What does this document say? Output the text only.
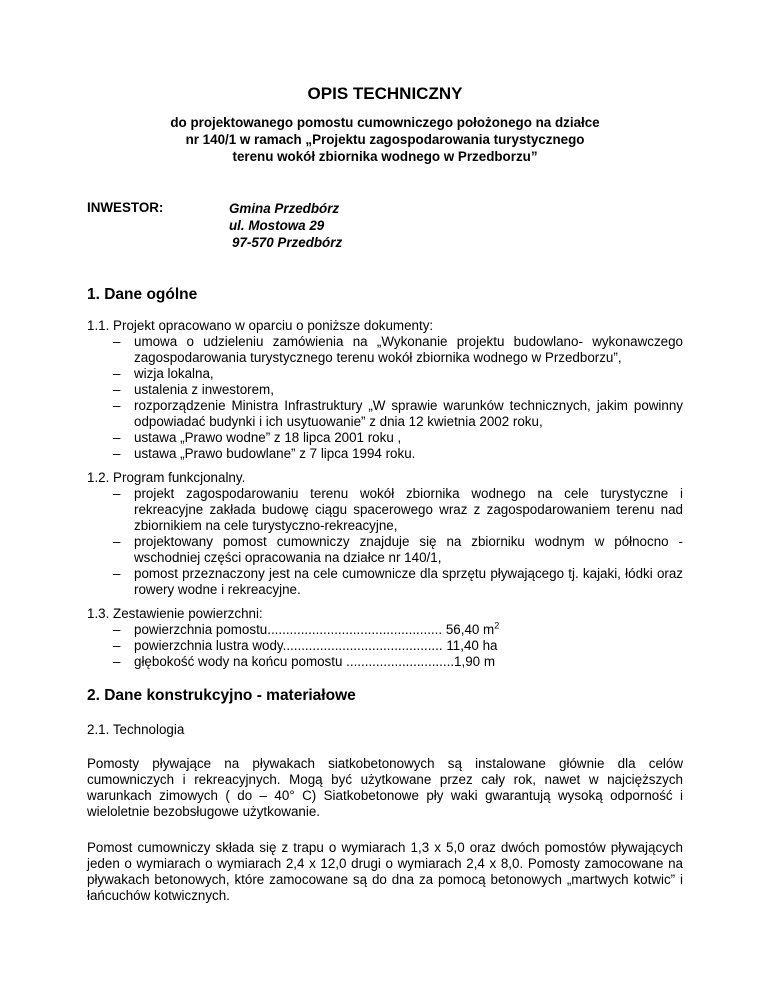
OPIS TECHNICZNY
do projektowanego pomostu cumowniczego położonego na działce
nr 140/1 w ramach „Projektu zagospodarowania turystycznego
terenu wokół zbiornika wodnego w Przedborzu”
INWESTOR:	Gmina Przedbórz
ul. Mostowa 29
97-570 Przedbórz
1. Dane ogólne
1.1. Projekt opracowano w oparciu o poniższe dokumenty:
– umowa o udzieleniu zamówienia na „Wykonanie projektu budowlano- wykonawczego zagospodarowania turystycznego terenu wokół zbiornika wodnego w Przedborzu”,
– wizja lokalna,
– ustalenia z inwestorem,
– rozporządzenie Ministra Infrastruktury „W sprawie warunków technicznych, jakim powinny odpowiadać budynki i ich usytuowanie” z dnia 12 kwietnia 2002 roku,
– ustawa „Prawo wodne” z 18 lipca 2001 roku ,
– ustawa „Prawo budowlane” z 7 lipca 1994 roku.
1.2. Program funkcjonalny.
– projekt zagospodarowaniu terenu wokół zbiornika wodnego na cele turystyczne i rekreacyjne zakłada budowę ciągu spacerowego wraz z zagospodarowaniem terenu nad zbiornikiem na cele turystyczno-rekreacyjne,
– projektowany pomost cumowniczy znajduje się na zbiorniku wodnym w północno - wschodniej części opracowania na działce nr 140/1,
– pomost przeznaczony jest na cele cumownicze dla sprzętu pływającego tj. kajaki, łódki oraz rowery wodne i rekreacyjne.
1.3. Zestawienie powierzchni:
– powierzchnia pomostu............................................... 56,40 $m^2$
– powierzchnia lustra wody........................................... 11,40 ha
– głębokość wody na końcu pomostu .............................1,90 m
2. Dane konstrukcyjno - materiałowe
2.1. Technologia
Pomosty pływające na pływakach siatkobetonowych są instalowane głównie dla celów cumowniczych i rekreacyjnych. Mogą być użytkowane przez cały rok, nawet w najcięższych warunkach zimowych ( do – 40° C) Siatkobetonowe pły waki gwarantują wysoką odporność i wieloletnie bezobsługowe użytkowanie.
Pomost cumowniczy składa się z trapu o wymiarach 1,3 x 5,0 oraz dwóch pomostów pływających jeden o wymiarach o wymiarach 2,4 x 12,0 drugi o wymiarach 2,4 x 8,0. Pomosty zamocowane na pływakach betonowych, które zamocowane są do dna za pomocą betonowych „martwych kotwic” i łańcuchów kotwicznych.
